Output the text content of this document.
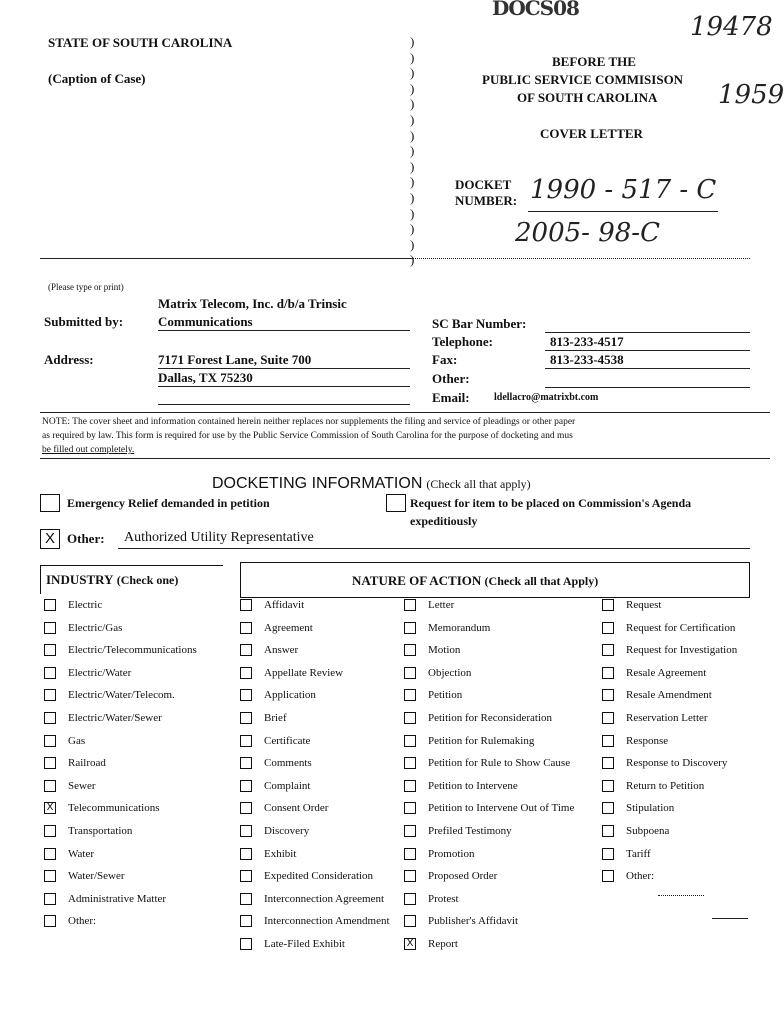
DOCS08
19478
1959
STATE OF SOUTH CAROLINA
(Caption of Case)
)
)
)
)
)
)
)
)
)
)
)
)
)
)
)
BEFORE THE
PUBLIC SERVICE COMMISISON
OF SOUTH CAROLINA
COVER LETTER
DOCKET
NUMBER: 1990 - 517 - C
2005- 98-C
(Please type or print)
Matrix Telecom, Inc. d/b/a Trinsic
Submitted by:	Communications
Address:	7171 Forest Lane, Suite 700
Dallas, TX 75230
SC Bar Number:
Telephone:	813-233-4517
Fax:	813-233-4538
Other:
Email: ldellacro@matrixbt.com
NOTE: The cover sheet and information contained herein neither replaces nor supplements the filing and service of pleadings or other paper
as required by law. This form is required for use by the Public Service Commission of South Carolina for the purpose of docketing and mus
be filled out completely.
DOCKETING INFORMATION (Check all that apply)
Emergency Relief demanded in petition	Request for item to be placed on Commission's Agenda
expeditiously
X Other: Authorized Utility Representative
INDUSTRY (Check one)	NATURE OF ACTION (Check all that Apply)
Electric
Electric/Gas
Electric/Telecommunications
Electric/Water
Electric/Water/Telecom.
Electric/Water/Sewer
Gas
Railroad
Sewer
X Telecommunications
Transportation
Water
Water/Sewer
Administrative Matter
Other:
Affidavit
Agreement
Answer
Appellate Review
Application
Brief
Certificate
Comments
Complaint
Consent Order
Discovery
Exhibit
Expedited Consideration
Interconnection Agreement
Interconnection Amendment
Late-Filed Exhibit
Letter
Memorandum
Motion
Objection
Petition
Petition for Reconsideration
Petition for Rulemaking
Petition for Rule to Show Cause
Petition to Intervene
Petition to Intervene Out of Time
Prefiled Testimony
Promotion
Proposed Order
Protest
Publisher's Affidavit
X Report
Request
Request for Certification
Request for Investigation
Resale Agreement
Resale Amendment
Reservation Letter
Response
Response to Discovery
Return to Petition
Stipulation
Subpoena
Tariff
Other:
